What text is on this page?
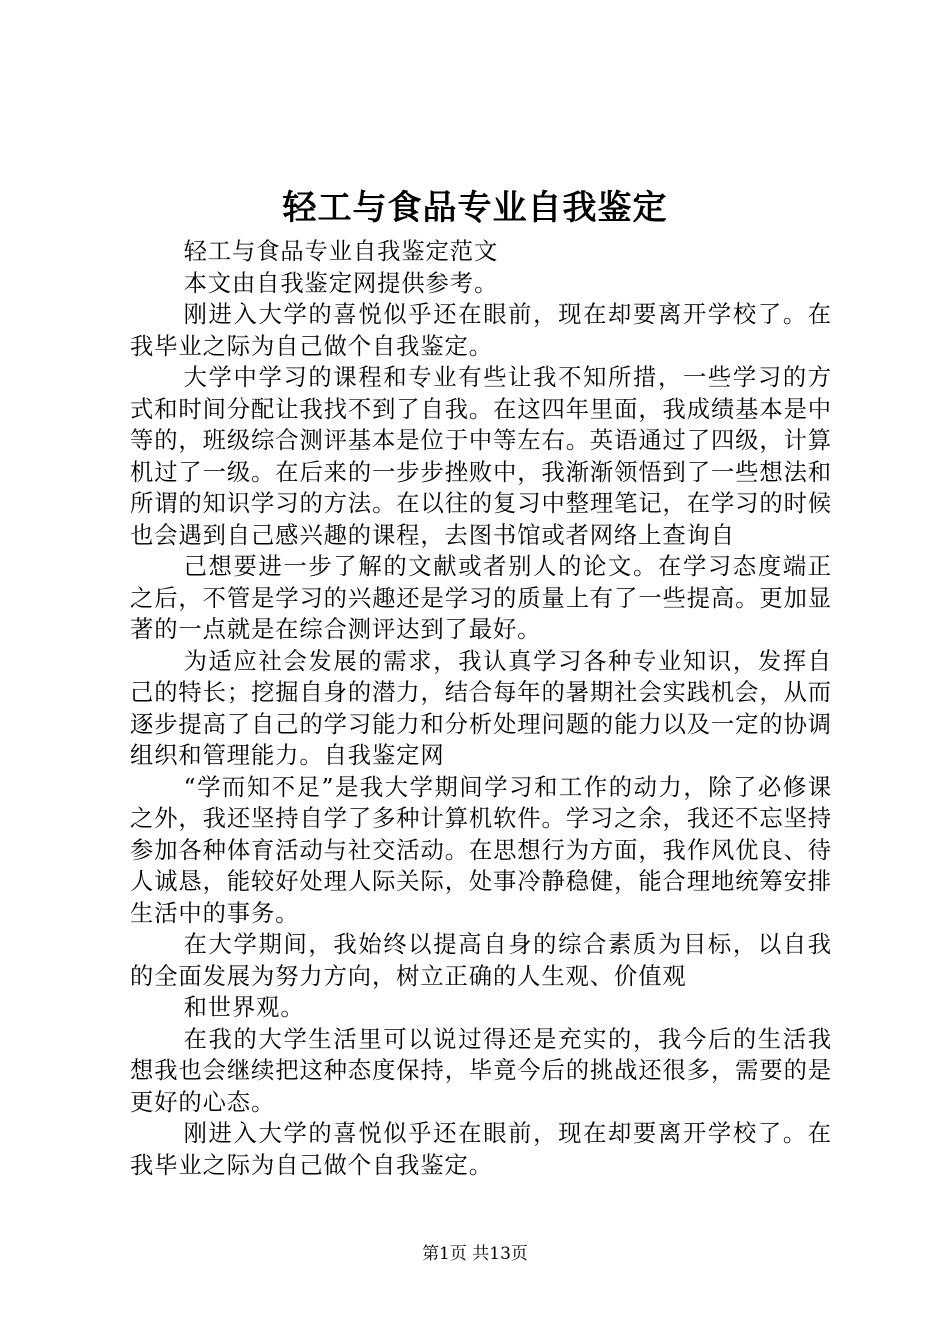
轻工与食品专业自我鉴定

轻工与食品专业自我鉴定范文

本文由自我鉴定网提供参考。

刚进入大学的喜悦似乎还在眼前，现在却要离开学校了。在我毕业之际为自己做个自我鉴定。

大学中学习的课程和专业有些让我不知所措，一些学习的方式和时间分配让我找不到了自我。在这四年里面，我成绩基本是中等的，班级综合测评基本是位于中等左右。英语通过了四级，计算机过了一级。在后来的一步步挫败中，我渐渐领悟到了一些想法和所谓的知识学习的方法。在以往的复习中整理笔记，在学习的时候也会遇到自己感兴趣的课程，去图书馆或者网络上查询自

己想要进一步了解的文献或者别人的论文。在学习态度端正之后，不管是学习的兴趣还是学习的质量上有了一些提高。更加显著的一点就是在综合测评达到了最好。

为适应社会发展的需求，我认真学习各种专业知识，发挥自己的特长；挖掘自身的潜力，结合每年的暑期社会实践机会，从而逐步提高了自己的学习能力和分析处理问题的能力以及一定的协调组织和管理能力。自我鉴定网

“学而知不足”是我大学期间学习和工作的动力，除了必修课之外，我还坚持自学了多种计算机软件。学习之余，我还不忘坚持参加各种体育活动与社交活动。在思想行为方面，我作风优良、待人诚恳，能较好处理人际关际，处事冷静稳健，能合理地统筹安排生活中的事务。

在大学期间，我始终以提高自身的综合素质为目标，以自我的全面发展为努力方向，树立正确的人生观、价值观

和世界观。

在我的大学生活里可以说过得还是充实的，我今后的生活我想我也会继续把这种态度保持，毕竟今后的挑战还很多，需要的是更好的心态。

刚进入大学的喜悦似乎还在眼前，现在却要离开学校了。在我毕业之际为自己做个自我鉴定。

第1页 共13页
